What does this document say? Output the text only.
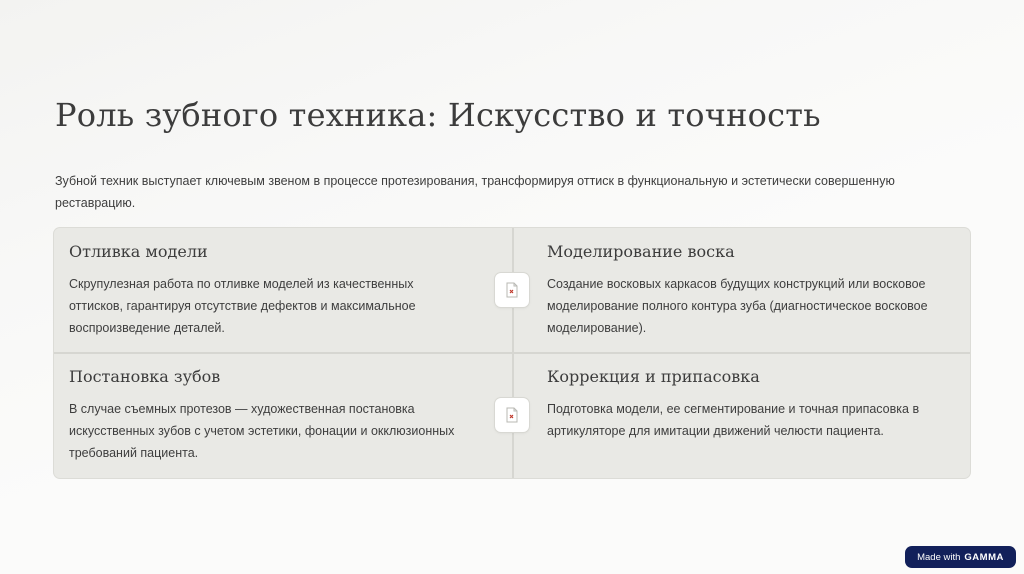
Роль зубного техника: Искусство и точность

Зубной техник выступает ключевым звеном в процессе протезирования, трансформируя оттиск в функциональную и эстетически совершенную реставрацию.

Отливка модели

Скрупулезная работа по отливке моделей из качественных оттисков, гарантируя отсутствие дефектов и максимальное воспроизведение деталей.

Моделирование воска

Создание восковых каркасов будущих конструкций или восковое моделирование полного контура зуба (диагностическое восковое моделирование).

Постановка зубов

В случае съемных протезов — художественная постановка искусственных зубов с учетом эстетики, фонации и окклюзионных требований пациента.

Коррекция и припасовка

Подготовка модели, ее сегментирование и точная припасовка в артикуляторе для имитации движений челюсти пациента.

Made with GAMMA
